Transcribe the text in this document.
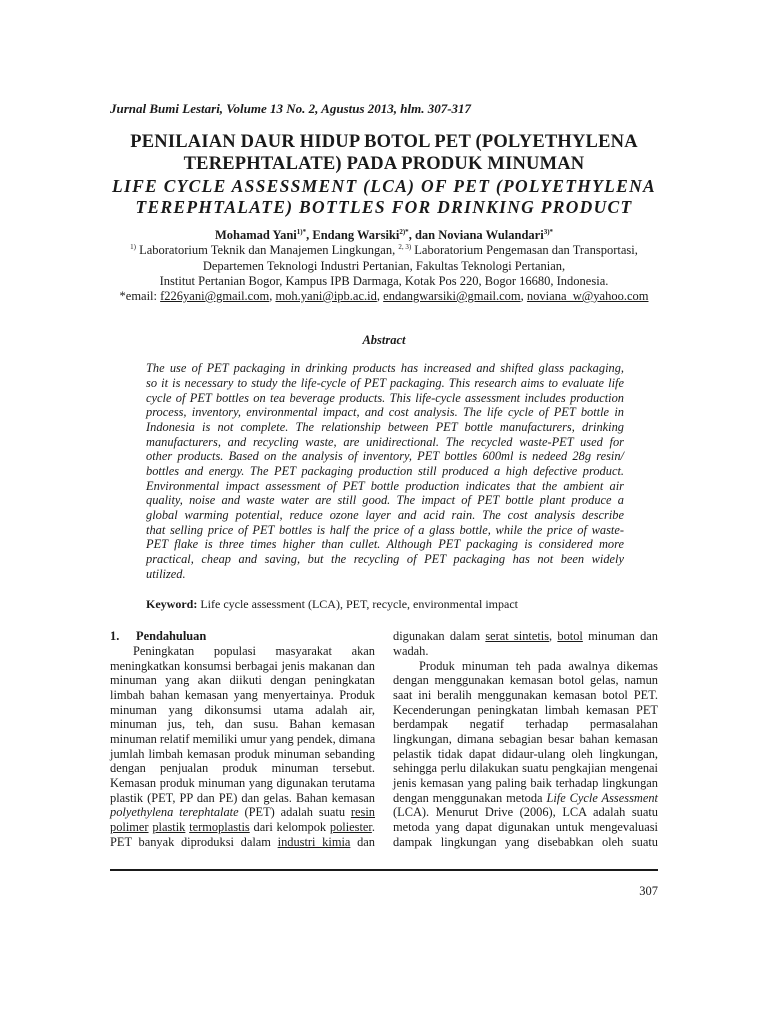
Jurnal Bumi Lestari, Volume 13 No. 2, Agustus 2013, hlm. 307-317
PENILAIAN DAUR HIDUP BOTOL PET (POLYETHYLENA
TEREPHTALATE) PADA PRODUK MINUMAN
LIFE CYCLE ASSESSMENT (LCA) OF PET (POLYETHYLENA
TEREPHTALATE) BOTTLES FOR DRINKING PRODUCT
Mohamad Yani$^{1)*}$, Endang Warsiki$^{2)*}$, dan Noviana Wulandari$^{3)*}$
$^{1)}$ Laboratorium Teknik dan Manajemen Lingkungan, $^{2, 3)}$ Laboratorium Pengemasan dan Transportasi,
Departemen Teknologi Industri Pertanian, Fakultas Teknologi Pertanian,
Institut Pertanian Bogor, Kampus IPB Darmaga, Kotak Pos 220, Bogor 16680, Indonesia.
*email: f226yani@gmail.com, moh.yani@ipb.ac.id, endangwarsiki@gmail.com, noviana_w@yahoo.com
Abstract
The use of PET packaging in drinking products has increased and shifted glass packaging,
so it is necessary to study the life-cycle of PET packaging. This research aims to evaluate life
cycle of PET bottles on tea beverage products. This life-cycle assessment includes production
process, inventory, environmental impact, and cost analysis. The life cycle of PET bottle in
Indonesia is not complete. The relationship between PET bottle manufacturers, drinking
manufacturers, and recycling waste, are unidirectional. The recycled waste-PET used for
other products. Based on the analysis of inventory, PET bottles 600ml is nedeed 28g resin/
bottles and energy. The PET packaging production still produced a high defective product.
Environmental impact assessment of PET bottle production indicates that the ambient air
quality, noise and waste water are still good. The impact of PET bottle plant produce a
global warming potential, reduce ozone layer and acid rain. The cost analysis describe
that selling price of PET bottles is half the price of a glass bottle, while the price of waste-
PET flake is three times higher than cullet. Although PET packaging is considered more
practical, cheap and saving, but the recycling of PET packaging has not been widely
utilized.
Keyword: Life cycle assessment (LCA), PET, recycle, environmental impact
1. Pendahuluan
Peningkatan populasi masyarakat akan
meningkatkan konsumsi berbagai jenis makanan dan
minuman yang akan diikuti dengan peningkatan
limbah bahan kemasan yang menyertainya. Produk
minuman yang dikonsumsi utama adalah air,
minuman jus, teh, dan susu. Bahan kemasan
minuman relatif memiliki umur yang pendek, dimana
jumlah limbah kemasan produk minuman sebanding
dengan penjualan produk minuman tersebut.
Kemasan produk minuman yang digunakan terutama
plastik (PET, PP dan PE) dan gelas. Bahan kemasan
polyethylena terephtalate (PET) adalah suatu resin
polimer plastik termoplastis dari kelompok poliester.
PET banyak diproduksi dalam industri kimia dan
digunakan dalam serat sintetis, botol minuman dan
wadah.
Produk minuman teh pada awalnya dikemas
dengan menggunakan kemasan botol gelas, namun
saat ini beralih menggunakan kemasan botol PET.
Kecenderungan peningkatan limbah kemasan PET
berdampak negatif terhadap permasalahan
lingkungan, dimana sebagian besar bahan kemasan
pelastik tidak dapat didaur-ulang oleh lingkungan,
sehingga perlu dilakukan suatu pengkajian mengenai
jenis kemasan yang paling baik terhadap lingkungan
dengan menggunakan metoda Life Cycle Assessment
(LCA). Menurut Drive (2006), LCA adalah suatu
metoda yang dapat digunakan untuk mengevaluasi
dampak lingkungan yang disebabkan oleh suatu
307
